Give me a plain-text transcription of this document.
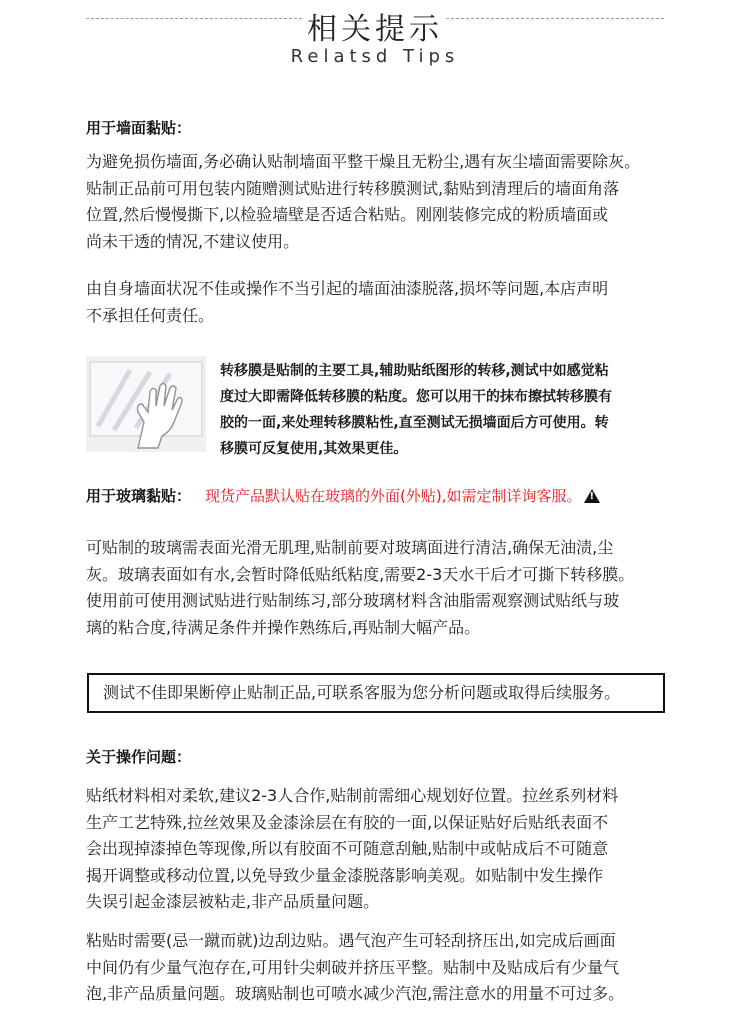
相关提示
Relatsd Tips
用于墙面黏贴：
为避免损伤墙面,务必确认贴制墙面平整干燥且无粉尘,遇有灰尘墙面需要除灰。
贴制正品前可用包装内随赠测试贴进行转移膜测试,黏贴到清理后的墙面角落
位置,然后慢慢撕下,以检验墙壁是否适合粘贴。刚刚装修完成的粉质墙面或
尚未干透的情况,不建议使用。
由自身墙面状况不佳或操作不当引起的墙面油漆脱落,损坏等问题,本店声明
不承担任何责任。
转移膜是贴制的主要工具,辅助贴纸图形的转移,测试中如感觉粘
度过大即需降低转移膜的粘度。您可以用干的抹布擦拭转移膜有
胶的一面,来处理转移膜粘性,直至测试无损墙面后方可使用。转
移膜可反复使用,其效果更佳。
用于玻璃黏贴： 现货产品默认贴在玻璃的外面(外贴),如需定制详询客服。 !
可贴制的玻璃需表面光滑无肌理,贴制前要对玻璃面进行清洁,确保无油渍,尘
灰。玻璃表面如有水,会暂时降低贴纸粘度,需要2-3天水干后才可撕下转移膜。
使用前可使用测试贴进行贴制练习,部分玻璃材料含油脂需观察测试贴纸与玻
璃的粘合度,待满足条件并操作熟练后,再贴制大幅产品。
测试不佳即果断停止贴制正品,可联系客服为您分析问题或取得后续服务。
关于操作问题：
贴纸材料相对柔软,建议2-3人合作,贴制前需细心规划好位置。拉丝系列材料
生产工艺特殊,拉丝效果及金漆涂层在有胶的一面,以保证贴好后贴纸表面不
会出现掉漆掉色等现像,所以有胶面不可随意刮触,贴制中或帖成后不可随意
揭开调整或移动位置,以免导致少量金漆脱落影响美观。如贴制中发生操作
失误引起金漆层被粘走,非产品质量问题。
粘贴时需要(忌一蹴而就)边刮边贴。遇气泡产生可轻刮挤压出,如完成后画面
中间仍有少量气泡存在,可用针尖刺破并挤压平整。贴制中及贴成后有少量气
泡,非产品质量问题。玻璃贴制也可喷水减少汽泡,需注意水的用量不可过多。
